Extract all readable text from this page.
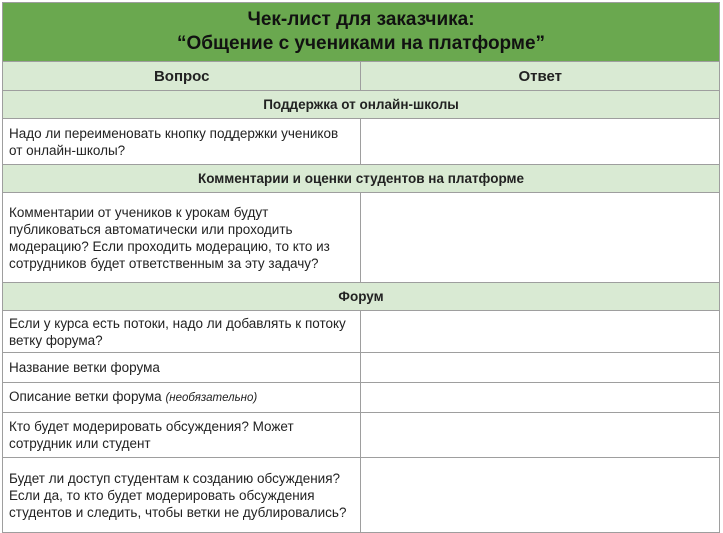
Чек-лист для заказчика:
“Общение с учениками на платформе”	

Вопрос	Ответ
Поддержка от онлайн-школы	
Надо ли переименовать кнопку поддержки учеников от онлайн-школы?	
Комментарии и оценки студентов на платформе	
Комментарии от учеников к урокам будут публиковаться автоматически или проходить модерацию? Если проходить модерацию, то кто из сотрудников будет ответственным за эту задачу?	
Форум	
Если у курса есть потоки, надо ли добавлять к потоку ветку форума?	
Название ветки форума	
Описание ветки форума (необязательно)	
Кто будет модерировать обсуждения? Может сотрудник или студент	
Будет ли доступ студентам к созданию обсуждения? Если да, то кто будет модерировать обсуждения студентов и следить, чтобы ветки не дублировались?	
